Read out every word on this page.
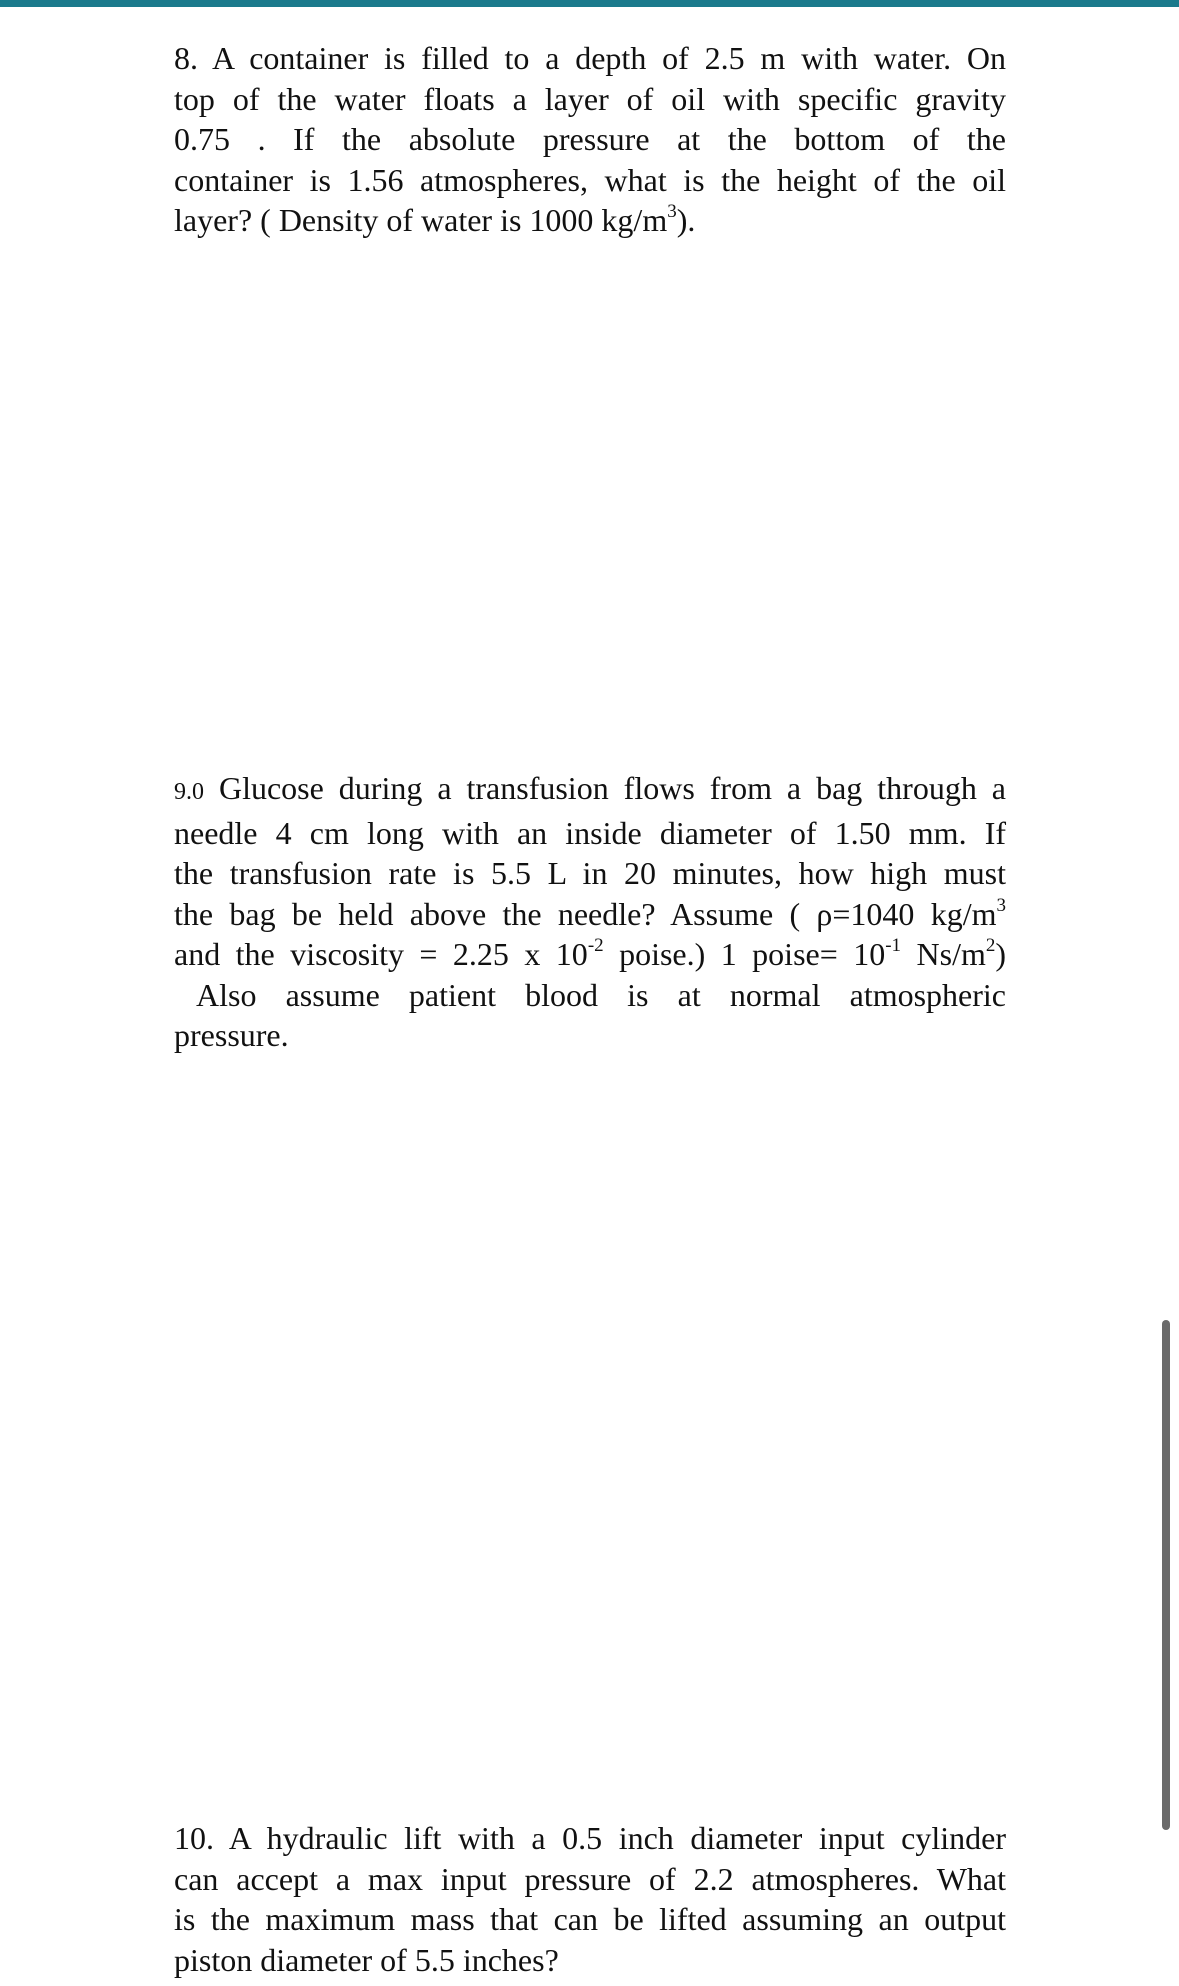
8. A container is filled to a depth of 2.5 m with water. On
top of the water floats a layer of oil with specific gravity
0.75 . If the absolute pressure at the bottom of the
container is 1.56 atmospheres, what is the height of the oil
layer? ( Density of water is 1000 $kg/m^3$).
9.0 Glucose during a transfusion flows from a bag through a
needle 4 cm long with an inside diameter of 1.50 mm. If
the transfusion rate is 5.5 L in 20 minutes, how high must
the bag be held above the needle? Assume ( ρ=1040 $kg/m^3$
and the viscosity = 2.25 x $10^{-2}$ poise.) 1 poise= $10^{-1}$ $Ns/m^2$)
Also assume patient blood is at normal atmospheric
pressure.
10. A hydraulic lift with a 0.5 inch diameter input cylinder
can accept a max input pressure of 2.2 atmospheres. What
is the maximum mass that can be lifted assuming an output
piston diameter of 5.5 inches?
